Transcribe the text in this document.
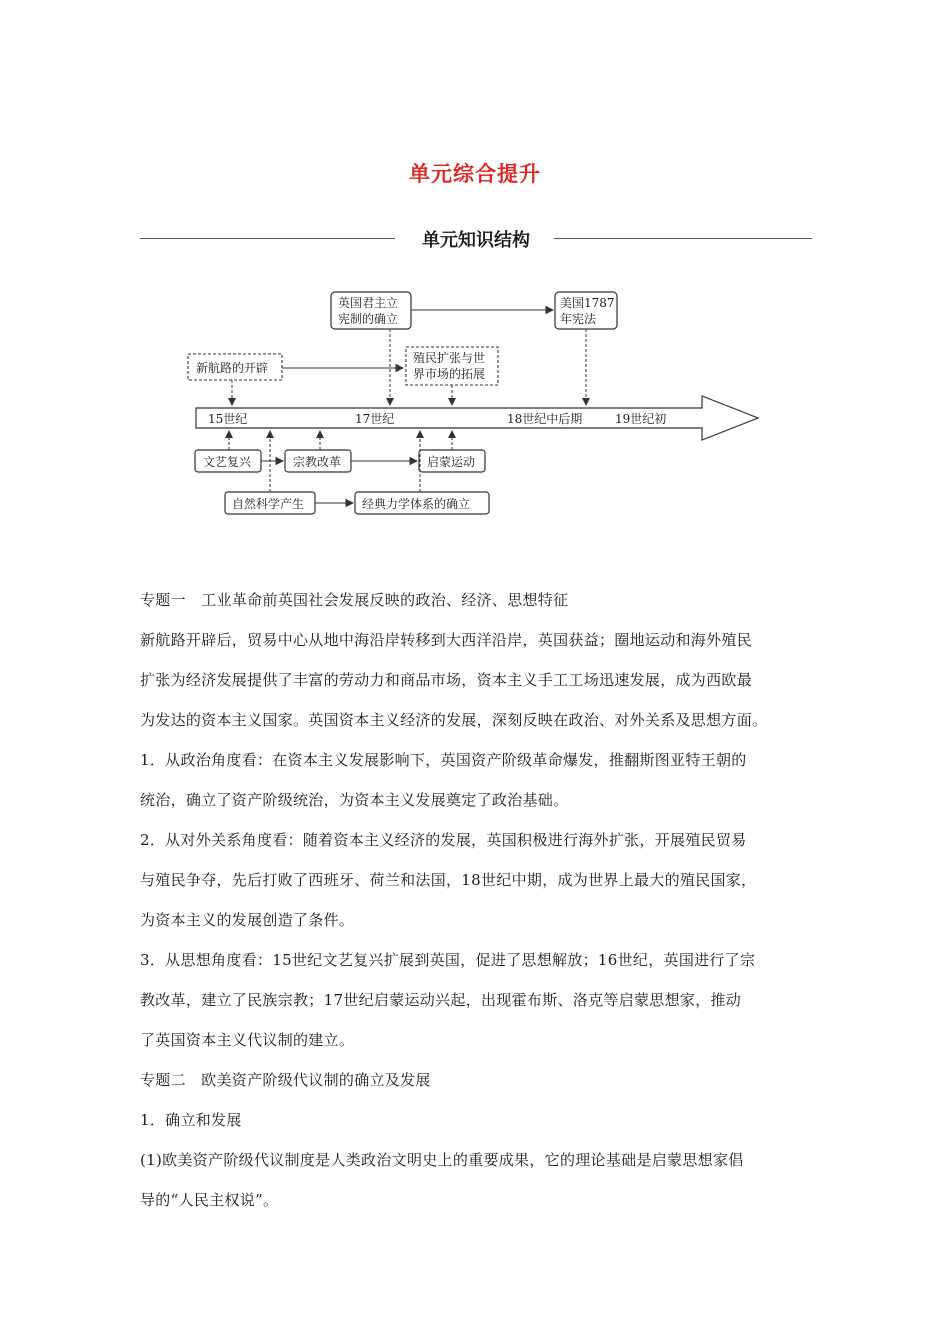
单元综合提升
单元知识结构
15世纪	17世纪	18世纪中后期	19世纪初
英国君主立
宪制的确立
美国1787
年宪法
新航路的开辟
殖民扩张与世
界市场的拓展
文艺复兴	宗教改革	启蒙运动
自然科学产生	经典力学体系的确立

专题一　工业革命前英国社会发展反映的政治、经济、思想特征

新航路开辟后，贸易中心从地中海沿岸转移到大西洋沿岸，英国获益；圈地运动和海外殖民

扩张为经济发展提供了丰富的劳动力和商品市场，资本主义手工工场迅速发展，成为西欧最

为发达的资本主义国家。英国资本主义经济的发展，深刻反映在政治、对外关系及思想方面。

1．从政治角度看：在资本主义发展影响下，英国资产阶级革命爆发，推翻斯图亚特王朝的

统治，确立了资产阶级统治，为资本主义发展奠定了政治基础。

2．从对外关系角度看：随着资本主义经济的发展，英国积极进行海外扩张，开展殖民贸易

与殖民争夺，先后打败了西班牙、荷兰和法国，18世纪中期，成为世界上最大的殖民国家，

为资本主义的发展创造了条件。

3．从思想角度看：15世纪文艺复兴扩展到英国，促进了思想解放；16世纪，英国进行了宗

教改革，建立了民族宗教；17世纪启蒙运动兴起，出现霍布斯、洛克等启蒙思想家，推动

了英国资本主义代议制的建立。

专题二　欧美资产阶级代议制的确立及发展

1．确立和发展

(1)欧美资产阶级代议制度是人类政治文明史上的重要成果，它的理论基础是启蒙思想家倡

导的“人民主权说”。
